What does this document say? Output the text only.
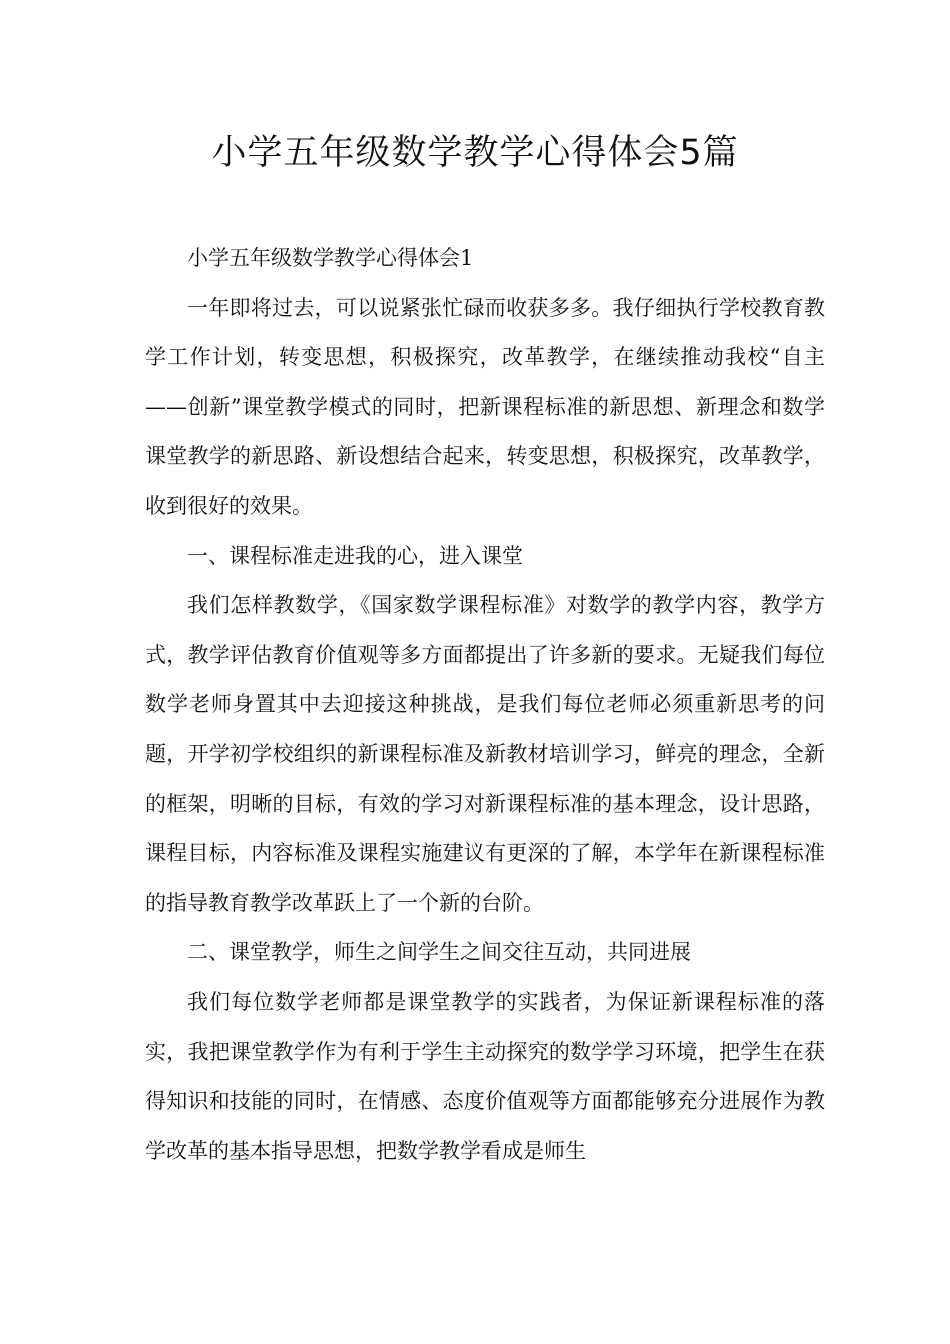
小学五年级数学教学心得体会5篇

小学五年级数学教学心得体会1

一年即将过去，可以说紧张忙碌而收获多多。我仔细执行学校教育教学工作计划，转变思想，积极探究，改革教学，在继续推动我校“自主——创新”课堂教学模式的同时，把新课程标准的新思想、新理念和数学课堂教学的新思路、新设想结合起来，转变思想，积极探究，改革教学，收到很好的效果。

一、课程标准走进我的心，进入课堂

我们怎样教数学，《国家数学课程标准》对数学的教学内容，教学方式，教学评估教育价值观等多方面都提出了许多新的要求。无疑我们每位数学老师身置其中去迎接这种挑战，是我们每位老师必须重新思考的问题，开学初学校组织的新课程标准及新教材培训学习，鲜亮的理念，全新的框架，明晰的目标，有效的学习对新课程标准的基本理念，设计思路，课程目标，内容标准及课程实施建议有更深的了解，本学年在新课程标准的指导教育教学改革跃上了一个新的台阶。

二、课堂教学，师生之间学生之间交往互动，共同进展

我们每位数学老师都是课堂教学的实践者，为保证新课程标准的落实，我把课堂教学作为有利于学生主动探究的数学学习环境，把学生在获得知识和技能的同时，在情感、态度价值观等方面都能够充分进展作为教学改革的基本指导思想，把数学教学看成是师生
